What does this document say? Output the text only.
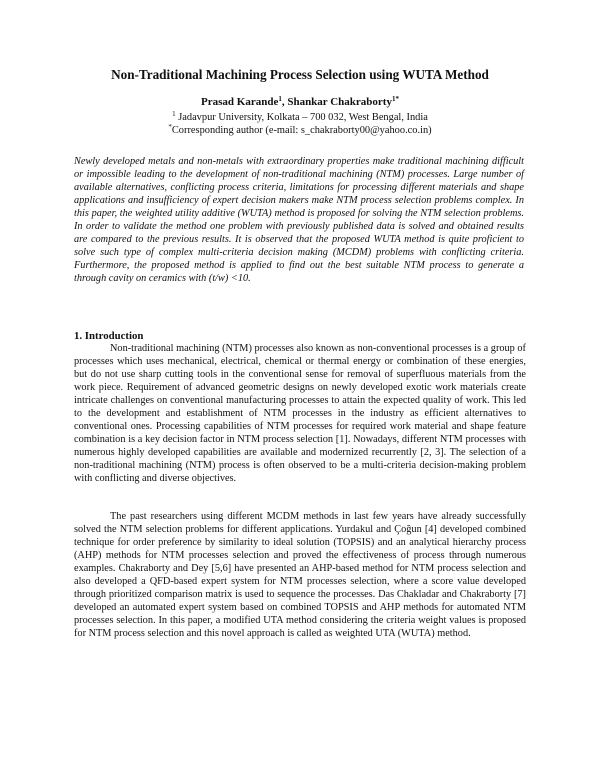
Non-Traditional Machining Process Selection using WUTA Method
Prasad Karande$^1$, Shankar Chakraborty$^{1*}$
$^1$ Jadavpur University, Kolkata – 700 032, West Bengal, India
*Corresponding author (e-mail: s_chakraborty00@yahoo.co.in)

Newly developed metals and non-metals with extraordinary properties make traditional machining difficult or impossible leading to the development of non-traditional machining (NTM) processes. Large number of available alternatives, conflicting process criteria, limitations for processing different materials and shape applications and insufficiency of expert decision makers make NTM process selection problems complex. In this paper, the weighted utility additive (WUTA) method is proposed for solving the NTM selection problems. In order to validate the method one problem with previously published data is solved and obtained results are compared to the previous results. It is observed that the proposed WUTA method is quite proficient to solve such type of complex multi-criteria decision making (MCDM) problems with conflicting criteria. Furthermore, the proposed method is applied to find out the best suitable NTM process to generate a through cavity on ceramics with (t/w) <10.

1. Introduction

Non-traditional machining (NTM) processes also known as non-conventional processes is a group of processes which uses mechanical, electrical, chemical or thermal energy or combination of these energies, but do not use sharp cutting tools in the conventional sense for removal of superfluous materials from the work piece. Requirement of advanced geometric designs on newly developed exotic work materials create intricate challenges on conventional manufacturing processes to attain the expected quality of work. This led to the development and establishment of NTM processes in the industry as efficient alternatives to conventional ones. Processing capabilities of NTM processes for required work material and shape feature combination is a key decision factor in NTM process selection [1]. Nowadays, different NTM processes with numerous highly developed capabilities are available and modernized recurrently [2, 3]. The selection of a non-traditional machining (NTM) process is often observed to be a multi-criteria decision-making problem with conflicting and diverse objectives.

The past researchers using different MCDM methods in last few years have already successfully solved the NTM selection problems for different applications. Yurdakul and Çoğun [4] developed combined technique for order preference by similarity to ideal solution (TOPSIS) and an analytical hierarchy process (AHP) methods for NTM processes selection and proved the effectiveness of process through numerous examples. Chakraborty and Dey [5,6] have presented an AHP-based method for NTM process selection and also developed a QFD-based expert system for NTM processes selection, where a score value developed through prioritized comparison matrix is used to sequence the processes. Das Chakladar and Chakraborty [7] developed an automated expert system based on combined TOPSIS and AHP methods for automated NTM processes selection. In this paper, a modified UTA method considering the criteria weight values is proposed for NTM process selection and this novel approach is called as weighted UTA (WUTA) method.
